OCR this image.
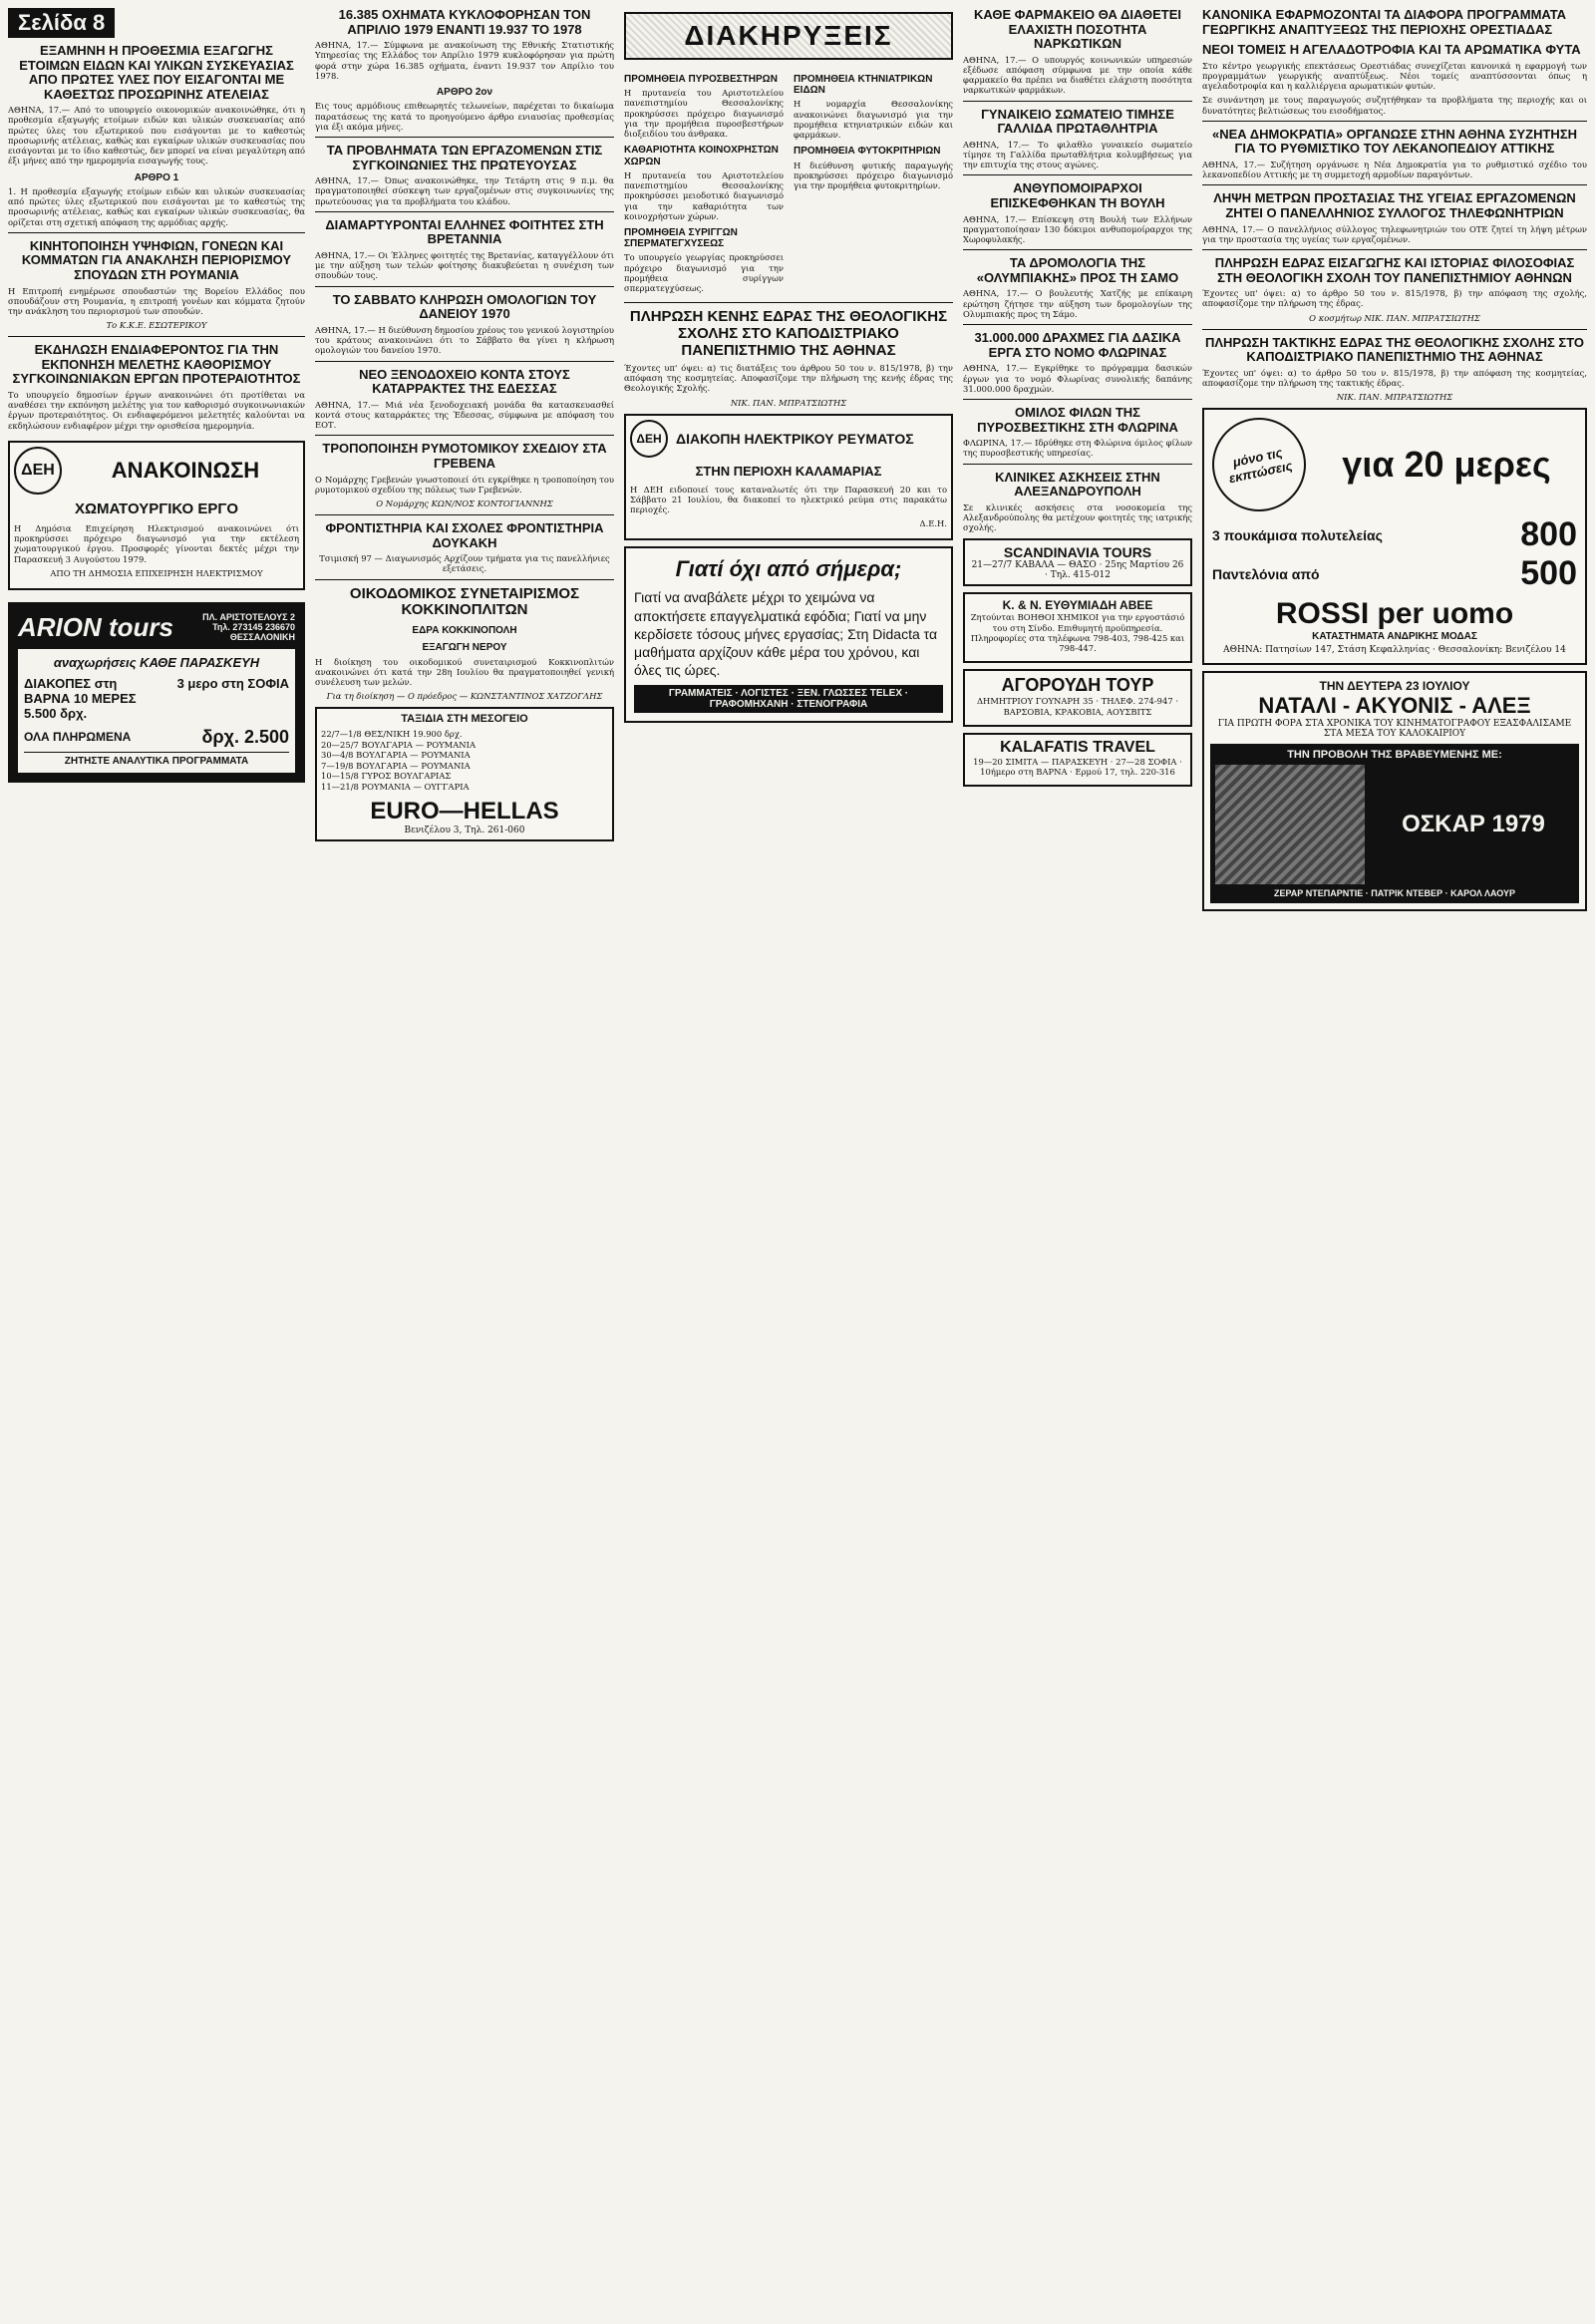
Σελίδα 8
ΕΞΑΜΗΝΗ Η ΠΡΟΘΕΣΜΙΑ ΕΞΑΓΩΓΗΣ ΕΤΟΙΜΩΝ ΕΙΔΩΝ ΚΑΙ ΥΛΙΚΩΝ ΣΥΣΚΕΥΑΣΙΑΣ ΑΠΟ ΠΡΩΤΕΣ ΥΛΕΣ ΠΟΥ ΕΙΣΑΓΟΝΤΑΙ ΜΕ ΚΑΘΕΣΤΩΣ ΠΡΟΣΩΡΙΝΗΣ ΑΤΕΛΕΙΑΣ

ΑΘΗΝΑ, 17.— Από το υπουργείο οικονομικών ανακοινώθηκε, ότι η προθεσμία εξαγωγής ετοίμων ειδών και υλικών συσκευασίας από πρώτες ύλες του εξωτερικού που εισάγονται με το καθεστώς προσωρινής ατέλειας, καθώς και εγκαίρων υλικών συσκευασίας που εισάγονται με το ίδιο καθεστώς, δεν μπορεί να είναι μεγαλύτερη από έξι μήνες από την ημερομηνία εισαγωγής τους.

ΑΡΘΡΟ 1

1. Η προθεσμία εξαγωγής ετοίμων ειδών και υλικών συσκευασίας από πρώτες ύλες εξωτερικού που εισάγονται με το καθεστώς της προσωρινής ατέλειας, καθώς και εγκαίρων υλικών συσκευασίας, θα ορίζεται στη σχετική απόφαση της αρμόδιας αρχής.

ΚΙΝΗΤΟΠΟΙΗΣΗ ΥΨΗΦΙΩΝ, ΓΟΝΕΩΝ ΚΑΙ ΚΟΜΜΑΤΩΝ ΓΙΑ ΑΝΑΚΛΗΣΗ ΠΕΡΙΟΡΙΣΜΟΥ ΣΠΟΥΔΩΝ ΣΤΗ ΡΟΥΜΑΝΙΑ

Η Επιτροπή ενημέρωσε σπουδαστών της Βορείου Ελλάδος που σπουδάζουν στη Ρουμανία, η επιτροπή γονέων και κόμματα ζητούν την ανάκληση του περιορισμού των σπουδών.

Το Κ.Κ.Ε. ΕΣΩΤΕΡΙΚΟΥ
ΕΚΔΗΛΩΣΗ ΕΝΔΙΑΦΕΡΟΝΤΟΣ ΓΙΑ ΤΗΝ ΕΚΠΟΝΗΣΗ ΜΕΛΕΤΗΣ ΚΑΘΟΡΙΣΜΟΥ ΣΥΓΚΟΙΝΩΝΙΑΚΩΝ ΕΡΓΩΝ ΠΡΟΤΕΡΑΙΟΤΗΤΟΣ

Το υπουργείο δημοσίων έργων ανακοινώνει ότι προτίθεται να αναθέσει την εκπόνηση μελέτης για τον καθορισμό συγκοινωνιακών έργων προτεραιότητος. Οι ενδιαφερόμενοι μελετητές καλούνται να εκδηλώσουν ενδιαφέρον μέχρι την ορισθείσα ημερομηνία.

ΔΕΗ	ΑΝΑΚΟΙΝΩΣΗ
ΧΩΜΑΤΟΥΡΓΙΚΟ ΕΡΓΟ

Η Δημόσια Επιχείρηση Ηλεκτρισμού ανακοινώνει ότι προκηρύσσει πρόχειρο διαγωνισμό για την εκτέλεση χωματουργικού έργου. Προσφορές γίνονται δεκτές μέχρι την Παρασκευή 3 Αυγούστου 1979.

ΑΠΟ ΤΗ ΔΗΜΟΣΙΑ ΕΠΙΧΕΙΡΗΣΗ ΗΛΕΚΤΡΙΣΜΟΥ
ARION tours	ΠΛ. ΑΡΙΣΤΟΤΕΛΟΥΣ 2
Τηλ. 273145 236670
ΘΕΣΣΑΛΟΝΙΚΗ
αναχωρήσεις ΚΑΘΕ ΠΑΡΑΣΚΕΥΗ
ΔΙΑΚΟΠΕΣ στη ΒΑΡΝΑ 10 ΜΕΡΕΣ 5.500 δρχ.
3 μερο στη ΣΟΦΙΑ
ΟΛΑ ΠΛΗΡΩΜΕΝΑ	δρχ. 2.500
ΖΗΤΗΣΤΕ ΑΝΑΛΥΤΙΚΑ ΠΡΟΓΡΑΜΜΑΤΑ
16.385 ΟΧΗΜΑΤΑ ΚΥΚΛΟΦΟΡΗΣΑΝ ΤΟΝ ΑΠΡΙΛΙΟ 1979 ΕΝΑΝΤΙ 19.937 ΤΟ 1978

ΑΘΗΝΑ, 17.— Σύμφωνα με ανακοίνωση της Εθνικής Στατιστικής Υπηρεσίας της Ελλάδος τον Απρίλιο 1979 κυκλοφόρησαν για πρώτη φορά στην χώρα 16.385 οχήματα, έναντι 19.937 τον Απρίλιο του 1978.

ΑΡΘΡΟ 2ον

Εις τους αρμόδιους επιθεωρητές τελωνείων, παρέχεται το δικαίωμα παρατάσεως της κατά το προηγούμενο άρθρο ενιαυσίας προθεσμίας για έξι ακόμα μήνες.

ΤΑ ΠΡΟΒΛΗΜΑΤΑ ΤΩΝ ΕΡΓΑΖΟΜΕΝΩΝ ΣΤΙΣ ΣΥΓΚΟΙΝΩΝΙΕΣ ΤΗΣ ΠΡΩΤΕΥΟΥΣΑΣ

ΑΘΗΝΑ, 17.— Όπως ανακοινώθηκε, την Τετάρτη στις 9 π.μ. θα πραγματοποιηθεί σύσκεψη των εργαζομένων στις συγκοινωνίες της πρωτεύουσας για τα προβλήματα του κλάδου.

ΔΙΑΜΑΡΤΥΡΟΝΤΑΙ ΕΛΛΗΝΕΣ ΦΟΙΤΗΤΕΣ ΣΤΗ ΒΡΕΤΑΝΝΙΑ

ΑΘΗΝΑ, 17.— Οι Έλληνες φοιτητές της Βρετανίας, καταγγέλλουν ότι με την αύξηση των τελών φοίτησης διακυβεύεται η συνέχιση των σπουδών τους.

ΤΟ ΣΑΒΒΑΤΟ ΚΛΗΡΩΣΗ ΟΜΟΛΟΓΙΩΝ ΤΟΥ ΔΑΝΕΙΟΥ 1970

ΑΘΗΝΑ, 17.— Η διεύθυνση δημοσίου χρέους του γενικού λογιστηρίου του κράτους ανακοινώνει ότι το Σάββατο θα γίνει η κλήρωση ομολογιών του δανείου 1970.

ΝΕΟ ΞΕΝΟΔΟΧΕΙΟ ΚΟΝΤΑ ΣΤΟΥΣ ΚΑΤΑΡΡΑΚΤΕΣ ΤΗΣ ΕΔΕΣΣΑΣ

ΑΘΗΝΑ, 17.— Μιά νέα ξενοδοχειακή μονάδα θα κατασκευασθεί κοντά στους καταρράκτες της Έδεσσας, σύμφωνα με απόφαση του ΕΟΤ.

ΤΡΟΠΟΠΟΙΗΣΗ ΡΥΜΟΤΟΜΙΚΟΥ ΣΧΕΔΙΟΥ ΣΤΑ ΓΡΕΒΕΝΑ

Ο Νομάρχης Γρεβενών γνωστοποιεί ότι εγκρίθηκε η τροποποίηση του ρυμοτομικού σχεδίου της πόλεως των Γρεβενών.

Ο Νομάρχης ΚΩΝ/ΝΟΣ ΚΟΝΤΟΓΙΑΝΝΗΣ
ΦΡΟΝΤΙΣΤΗΡΙΑ ΚΑΙ ΣΧΟΛΕΣ ΦΡΟΝΤΙΣΤΗΡΙΑ ΔΟΥΚΑΚΗ

Τσιμισκή 97 — Διαγωνισμός Αρχίζουν τμήματα για τις πανελλήνιες εξετάσεις.

ΟΙΚΟΔΟΜΙΚΟΣ ΣΥΝΕΤΑΙΡΙΣΜΟΣ ΚΟΚΚΙΝΟΠΛΙΤΩΝ
ΕΔΡΑ ΚΟΚΚΙΝΟΠΟΛΗ
ΕΞΑΓΩΓΗ ΝΕΡΟΥ

Η διοίκηση του οικοδομικού συνεταιρισμού Κοκκινοπλιτών ανακοινώνει ότι κατά την 28η Ιουλίου θα πραγματοποιηθεί γενική συνέλευση των μελών.

Για τη διοίκηση — Ο πρόεδρος — ΚΩΝΣΤΑΝΤΙΝΟΣ ΧΑΤΖΟΓΛΗΣ
ΤΑΞΙΔΙΑ ΣΤΗ ΜΕΣΟΓΕΙΟ

22/7—1/8 ΘΕΣ/ΝΙΚΗ 19.900 δρχ.

20—25/7 ΒΟΥΛΓΑΡΙΑ — ΡΟΥΜΑΝΙΑ

30—4/8 ΒΟΥΛΓΑΡΙΑ — ΡΟΥΜΑΝΙΑ

7—19/8 ΒΟΥΛΓΑΡΙΑ — ΡΟΥΜΑΝΙΑ

10—15/8 ΓΥΡΟΣ ΒΟΥΛΓΑΡΙΑΣ

11—21/8 ΡΟΥΜΑΝΙΑ — ΟΥΓΓΑΡΙΑ

EURO—HELLAS
Βενιζέλου 3, Τηλ. 261-060
ΔΙΑΚΗΡΥΞΕΙΣ
ΠΡΟΜΗΘΕΙΑ ΠΥΡΟΣΒΕΣΤΗΡΩΝ

Η πρυτανεία του Αριστοτελείου πανεπιστημίου Θεσσαλονίκης προκηρύσσει πρόχειρο διαγωνισμό για την προμήθεια πυροσβεστήρων διοξειδίου του άνθρακα.

ΚΑΘΑΡΙΟΤΗΤΑ ΚΟΙΝΟΧΡΗΣΤΩΝ ΧΩΡΩΝ

Η πρυτανεία του Αριστοτελείου πανεπιστημίου Θεσσαλονίκης προκηρύσσει μειοδοτικό διαγωνισμό για την καθαριότητα των κοινοχρήστων χώρων.

ΠΡΟΜΗΘΕΙΑ ΣΥΡΙΓΓΩΝ ΣΠΕΡΜΑΤΕΓΧΥΣΕΩΣ

Το υπουργείο γεωργίας προκηρύσσει πρόχειρο διαγωνισμό για την προμήθεια συρίγγων σπερματεγχύσεως.

ΠΡΟΜΗΘΕΙΑ ΚΤΗΝΙΑΤΡΙΚΩΝ ΕΙΔΩΝ

Η νομαρχία Θεσσαλονίκης ανακοινώνει διαγωνισμό για την προμήθεια κτηνιατρικών ειδών και φαρμάκων.

ΠΡΟΜΗΘΕΙΑ ΦΥΤΟΚΡΙΤΗΡΙΩΝ

Η διεύθυνση φυτικής παραγωγής προκηρύσσει πρόχειρο διαγωνισμό για την προμήθεια φυτοκριτηρίων.

ΠΛΗΡΩΣΗ ΚΕΝΗΣ ΕΔΡΑΣ ΤΗΣ ΘΕΟΛΟΓΙΚΗΣ ΣΧΟΛΗΣ ΣΤΟ ΚΑΠΟΔΙΣΤΡΙΑΚΟ ΠΑΝΕΠΙΣΤΗΜΙΟ ΤΗΣ ΑΘΗΝΑΣ

Έχοντες υπ' όψει: α) τις διατάξεις του άρθρου 50 του ν. 815/1978, β) την απόφαση της κοσμητείας. Αποφασίζομε την πλήρωση της κενής έδρας της Θεολογικής Σχολής.

ΝΙΚ. ΠΑΝ. ΜΠΡΑΤΣΙΩΤΗΣ
ΔΕΗ	ΔΙΑΚΟΠΗ ΗΛΕΚΤΡΙΚΟΥ ΡΕΥΜΑΤΟΣ
ΣΤΗΝ ΠΕΡΙΟΧΗ ΚΑΛΑΜΑΡΙΑΣ

Η ΔΕΗ ειδοποιεί τους καταναλωτές ότι την Παρασκευή 20 και το Σάββατο 21 Ιουλίου, θα διακοπεί το ηλεκτρικό ρεύμα στις παρακάτω περιοχές.

Δ.Ε.Η.
Γιατί όχι από σήμερα;

Γιατί να αναβάλετε μέχρι το χειμώνα να αποκτήσετε επαγγελματικά εφόδια; Γιατί να μην κερδίσετε τόσους μήνες εργασίας; Στη Didacta τα μαθήματα αρχίζουν κάθε μέρα του χρόνου, και όλες τις ώρες.

ΓΡΑΜΜΑΤΕΙΣ · ΛΟΓΙΣΤΕΣ · ΞΕΝ. ΓΛΩΣΣΕΣ TELEX · ΓΡΑΦΟΜΗΧΑΝΗ · ΣΤΕΝΟΓΡΑΦΙΑ
ΚΑΘΕ ΦΑΡΜΑΚΕΙΟ ΘΑ ΔΙΑΘΕΤΕΙ ΕΛΑΧΙΣΤΗ ΠΟΣΟΤΗΤΑ ΝΑΡΚΩΤΙΚΩΝ

ΑΘΗΝΑ, 17.— Ο υπουργός κοινωνικών υπηρεσιών εξέδωσε απόφαση σύμφωνα με την οποία κάθε φαρμακείο θα πρέπει να διαθέτει ελάχιστη ποσότητα ναρκωτικών φαρμάκων.

ΓΥΝΑΙΚΕΙΟ ΣΩΜΑΤΕΙΟ ΤΙΜΗΣΕ ΓΑΛΛΙΔΑ ΠΡΩΤΑΘΛΗΤΡΙΑ

ΑΘΗΝΑ, 17.— Το φιλαθλο γυναικείο σωματείο τίμησε τη Γαλλίδα πρωταθλήτρια κολυμβήσεως για την επιτυχία της στους αγώνες.

ΑΝΘΥΠΟΜΟΙΡΑΡΧΟΙ ΕΠΙΣΚΕΦΘΗΚΑΝ ΤΗ ΒΟΥΛΗ

ΑΘΗΝΑ, 17.— Επίσκεψη στη Βουλή των Ελλήνων πραγματοποίησαν 130 δόκιμοι ανθυπομοίραρχοι της Χωροφυλακής.

ΤΑ ΔΡΟΜΟΛΟΓΙΑ ΤΗΣ «ΟΛΥΜΠΙΑΚΗΣ» ΠΡΟΣ ΤΗ ΣΑΜΟ

ΑΘΗΝΑ, 17.— Ο βουλευτής Χατζής με επίκαιρη ερώτηση ζήτησε την αύξηση των δρομολογίων της Ολυμπιακής προς τη Σάμο.

31.000.000 ΔΡΑΧΜΕΣ ΓΙΑ ΔΑΣΙΚΑ ΕΡΓΑ ΣΤΟ ΝΟΜΟ ΦΛΩΡΙΝΑΣ

ΑΘΗΝΑ, 17.— Εγκρίθηκε το πρόγραμμα δασικών έργων για το νομό Φλωρίνας συνολικής δαπάνης 31.000.000 δραχμών.

ΟΜΙΛΟΣ ΦΙΛΩΝ ΤΗΣ ΠΥΡΟΣΒΕΣΤΙΚΗΣ ΣΤΗ ΦΛΩΡΙΝΑ

ΦΛΩΡΙΝΑ, 17.— Ιδρύθηκε στη Φλώρινα όμιλος φίλων της πυροσβεστικής υπηρεσίας.

ΚΛΙΝΙΚΕΣ ΑΣΚΗΣΕΙΣ ΣΤΗΝ ΑΛΕΞΑΝΔΡΟΥΠΟΛΗ

Σε κλινικές ασκήσεις στα νοσοκομεία της Αλεξανδρούπολης θα μετέχουν φοιτητές της ιατρικής σχολής.

SCANDINAVIA TOURS
21—27/7 ΚΑΒΑΛΑ — ΘΑΣΟ · 25ης Μαρτίου 26 · Τηλ. 415-012
Κ. & Ν. ΕΥΘΥΜΙΑΔΗ ΑΒΕΕ

Ζητούνται ΒΟΗΘΟΙ ΧΗΜΙΚΟΙ για την εργοστάσιό του στη Σίνδο. Επιθυμητή προϋπηρεσία. Πληροφορίες στα τηλέφωνα 798-403, 798-425 και 798-447.

ΑΓΟΡΟΥΔΗ ΤΟΥΡ

ΔΗΜΗΤΡΙΟΥ ΓΟΥΝΑΡΗ 35 · ΤΗΛΕΦ. 274-947 · ΒΑΡΣΟΒΙΑ, ΚΡΑΚΟΒΙΑ, ΑΟΥΣΒΙΤΣ

KALAFATIS TRAVEL

19—20 ΣΙΜΙΤΑ — ΠΑΡΑΣΚΕΥΗ · 27—28 ΣΟΦΙΑ · 10ήμερο στη ΒΑΡΝΑ · Ερμού 17, τηλ. 220-316

ΚΑΝΟΝΙΚΑ ΕΦΑΡΜΟΖΟΝΤΑΙ ΤΑ ΔΙΑΦΟΡΑ ΠΡΟΓΡΑΜΜΑΤΑ ΓΕΩΡΓΙΚΗΣ ΑΝΑΠΤΥΞΕΩΣ ΤΗΣ ΠΕΡΙΟΧΗΣ ΟΡΕΣΤΙΑΔΑΣ
ΝΕΟΙ ΤΟΜΕΙΣ Η ΑΓΕΛΑΔΟΤΡΟΦΙΑ ΚΑΙ ΤΑ ΑΡΩΜΑΤΙΚΑ ΦΥΤΑ

Στο κέντρο γεωργικής επεκτάσεως Ορεστιάδας συνεχίζεται κανονικά η εφαρμογή των προγραμμάτων γεωργικής αναπτύξεως. Νέοι τομείς αναπτύσσονται όπως η αγελαδοτροφία και η καλλιέργεια αρωματικών φυτών.

Σε συνάντηση με τους παραγωγούς συζητήθηκαν τα προβλήματα της περιοχής και οι δυνατότητες βελτιώσεως του εισοδήματος.

«ΝΕΑ ΔΗΜΟΚΡΑΤΙΑ» ΟΡΓΑΝΩΣΕ ΣΤΗΝ ΑΘΗΝΑ ΣΥΖΗΤΗΣΗ ΓΙΑ ΤΟ ΡΥΘΜΙΣΤΙΚΟ ΤΟΥ ΛΕΚΑΝΟΠΕΔΙΟΥ ΑΤΤΙΚΗΣ

ΑΘΗΝΑ, 17.— Συζήτηση οργάνωσε η Νέα Δημοκρατία για το ρυθμιστικό σχέδιο του λεκανοπεδίου Αττικής με τη συμμετοχή αρμοδίων παραγόντων.

ΛΗΨΗ ΜΕΤΡΩΝ ΠΡΟΣΤΑΣΙΑΣ ΤΗΣ ΥΓΕΙΑΣ ΕΡΓΑΖΟΜΕΝΩΝ ΖΗΤΕΙ Ο ΠΑΝΕΛΛΗΝΙΟΣ ΣΥΛΛΟΓΟΣ ΤΗΛΕΦΩΝΗΤΡΙΩΝ

ΑΘΗΝΑ, 17.— Ο πανελλήνιος σύλλογος τηλεφωνητριών του ΟΤΕ ζητεί τη λήψη μέτρων για την προστασία της υγείας των εργαζομένων.

ΠΛΗΡΩΣΗ ΕΔΡΑΣ ΕΙΣΑΓΩΓΗΣ ΚΑΙ ΙΣΤΟΡΙΑΣ ΦΙΛΟΣΟΦΙΑΣ ΣΤΗ ΘΕΟΛΟΓΙΚΗ ΣΧΟΛΗ ΤΟΥ ΠΑΝΕΠΙΣΤΗΜΙΟΥ ΑΘΗΝΩΝ

Έχοντες υπ' όψει: α) το άρθρο 50 του ν. 815/1978, β) την απόφαση της σχολής, αποφασίζομε την πλήρωση της έδρας.

Ο κοσμήτωρ ΝΙΚ. ΠΑΝ. ΜΠΡΑΤΣΙΩΤΗΣ
ΠΛΗΡΩΣΗ ΤΑΚΤΙΚΗΣ ΕΔΡΑΣ ΤΗΣ ΘΕΟΛΟΓΙΚΗΣ ΣΧΟΛΗΣ ΣΤΟ ΚΑΠΟΔΙΣΤΡΙΑΚΟ ΠΑΝΕΠΙΣΤΗΜΙΟ ΤΗΣ ΑΘΗΝΑΣ

Έχοντες υπ' όψει: α) το άρθρο 50 του ν. 815/1978, β) την απόφαση της κοσμητείας, αποφασίζομε την πλήρωση της τακτικής έδρας.

ΝΙΚ. ΠΑΝ. ΜΠΡΑΤΣΙΩΤΗΣ
μόνο τις εκπτώσεις	για 20 μερες
3 πουκάμισα πολυτελείας	800
Παντελόνια από	500
ROSSI per uomo
ΚΑΤΑΣΤΗΜΑΤΑ ΑΝΔΡΙΚΗΣ ΜΟΔΑΣ
ΑΘΗΝΑ: Πατησίων 147, Στάση Κεφαλληνίας · Θεσσαλονίκη: Βενιζέλου 14
ΤΗΝ ΔΕΥΤΕΡΑ 23 ΙΟΥΛΙΟΥ
ΝΑΤΑΛΙ - ΑΚΥΟΝΙΣ - ΑΛΕΞ
ΓΙΑ ΠΡΩΤΗ ΦΟΡΑ ΣΤΑ ΧΡΟΝΙΚΑ ΤΟΥ ΚΙΝΗΜΑΤΟΓΡΑΦΟΥ ΕΞΑΣΦΑΛΙΣΑΜΕ ΣΤΑ ΜΕΣΑ ΤΟΥ ΚΑΛΟΚΑΙΡΙΟΥ
ΤΗΝ ΠΡΟΒΟΛΗ ΤΗΣ ΒΡΑΒΕΥΜΕΝΗΣ ΜΕ:
ΟΣΚΑΡ 1979
ΖΕΡΑΡ ΝΤΕΠΑΡΝΤΙΕ · ΠΑΤΡΙΚ ΝΤΕΒΕΡ · ΚΑΡΟΛ ΛΑΟΥΡ
